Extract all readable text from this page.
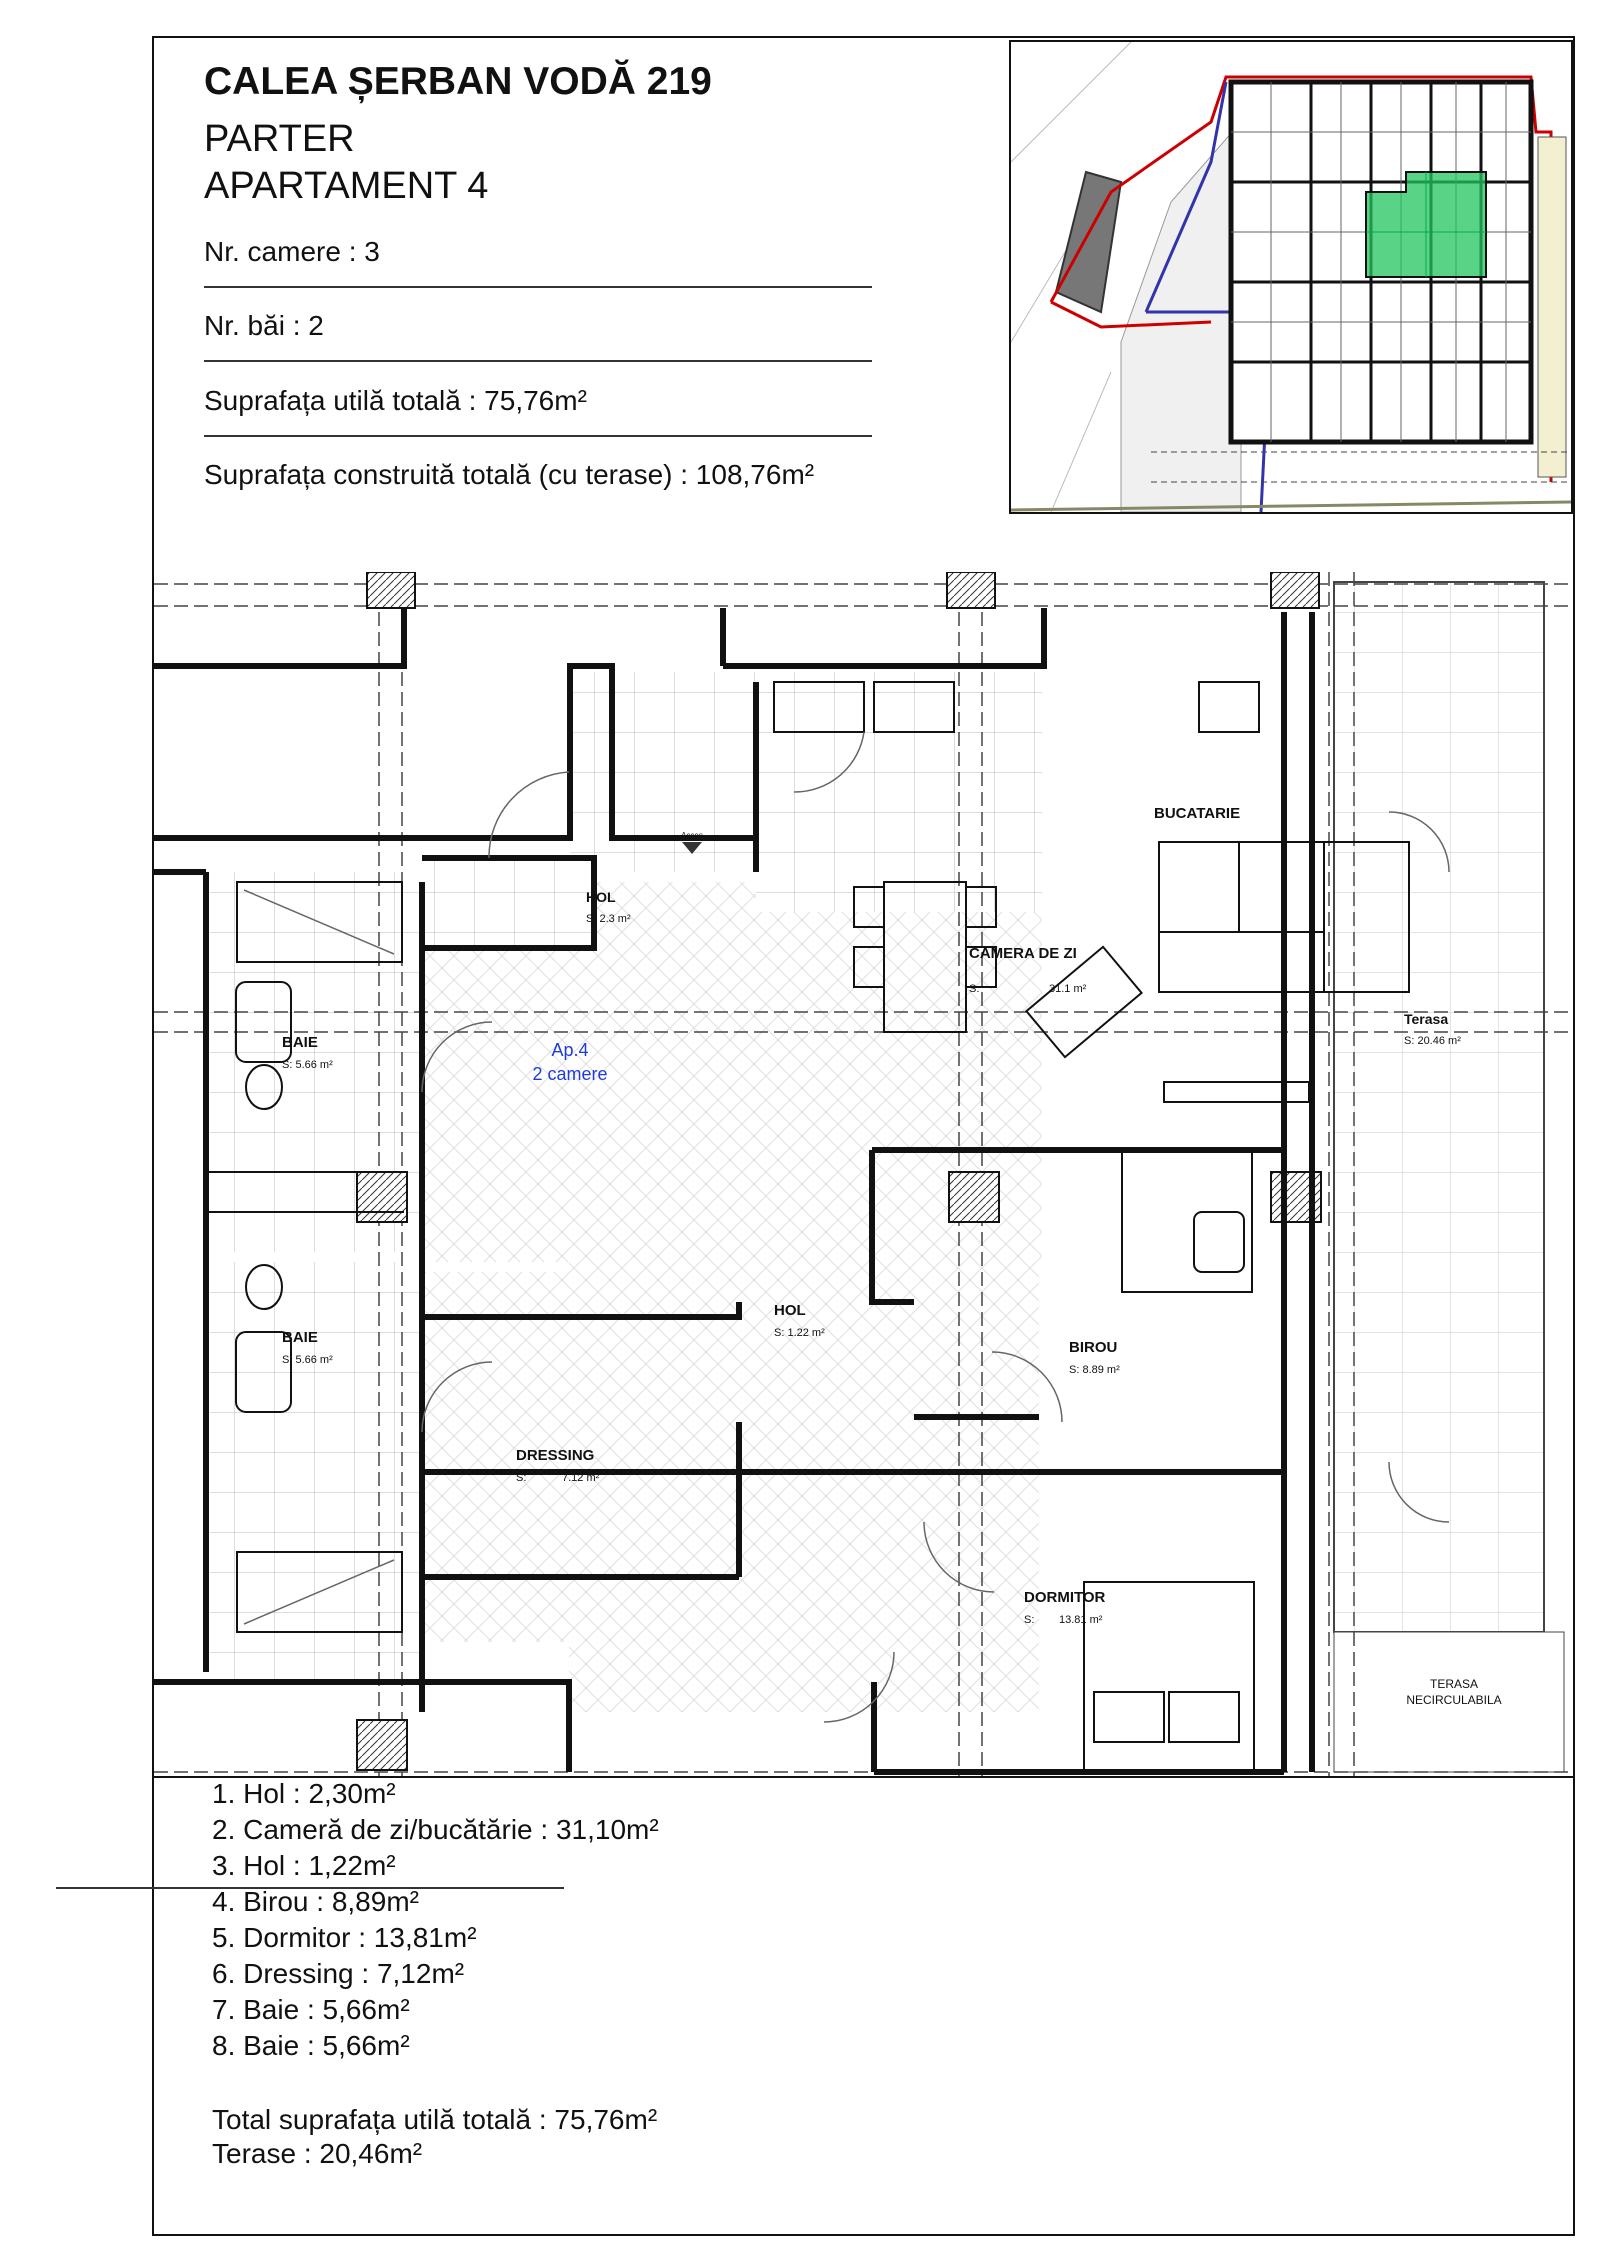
CALEA ȘERBAN VODĂ 219
PARTER
APARTAMENT 4
Nr. camere : 3
Nr. băi : 2
Suprafața utilă totală : 75,76m²
Suprafața construită totală (cu terase) : 108,76m²
BUCATARIE
HOL
S: 2.3 m²
CAMERA DE ZI
S:	31.1 m²
BAIE
S: 5.66 m²
BAIE
S: 5.66 m²
HOL
S: 1.22 m²
BIROU
S: 8.89 m²
DRESSING
S:	7.12 m²
DORMITOR
S: 13.81 m²
Terasa
S: 20.46 m²
TERASA
NECIRCULABILA
Acces
Ap.4
2 camere
1. Hol : 2,30m²
2. Cameră de zi/bucătărie : 31,10m²
3. Hol : 1,22m²
4. Birou : 8,89m²
5. Dormitor : 13,81m²
6. Dressing : 7,12m²
7. Baie : 5,66m²
8. Baie : 5,66m²
Total suprafața utilă totală : 75,76m²
Terase : 20,46m²
